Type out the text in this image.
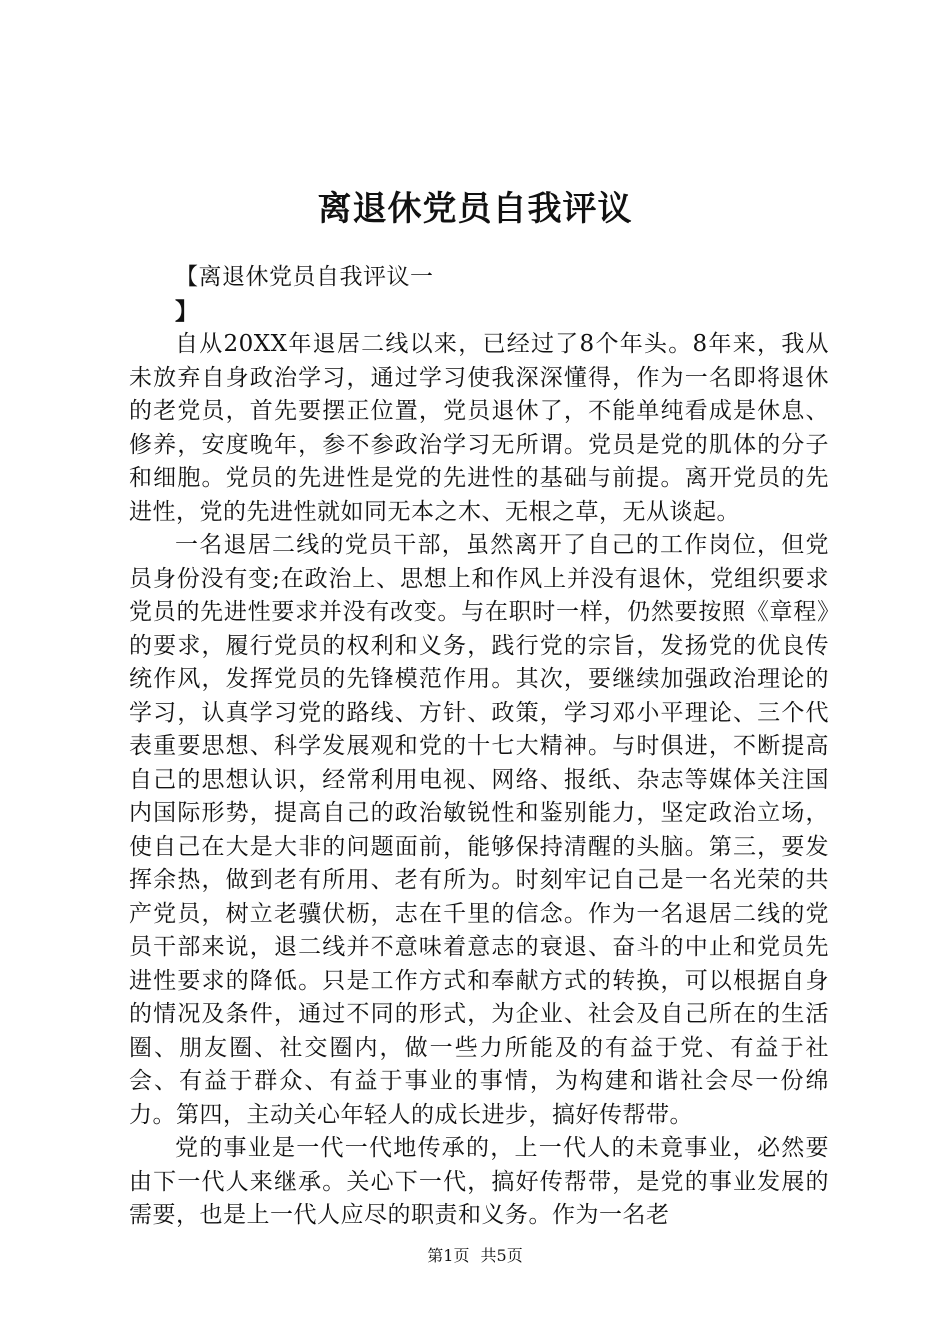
离退休党员自我评议
【离退休党员自我评议一
】

自从20XX年退居二线以来，已经过了8个年头。8年来，我从未放弃自身政治学习，通过学习使我深深懂得，作为一名即将退休的老党员，首先要摆正位置，党员退休了，不能单纯看成是休息、修养，安度晚年，参不参政治学习无所谓。党员是党的肌体的分子和细胞。党员的先进性是党的先进性的基础与前提。离开党员的先进性，党的先进性就如同无本之木、无根之草，无从谈起。

一名退居二线的党员干部，虽然离开了自己的工作岗位，但党员身份没有变;在政治上、思想上和作风上并没有退休，党组织要求党员的先进性要求并没有改变。与在职时一样，仍然要按照《章程》的要求，履行党员的权利和义务，践行党的宗旨，发扬党的优良传统作风，发挥党员的先锋模范作用。其次，要继续加强政治理论的学习，认真学习党的路线、方针、政策，学习邓小平理论、三个代表重要思想、科学发展观和党的十七大精神。与时俱进，不断提高自己的思想认识，经常利用电视、网络、报纸、杂志等媒体关注国内国际形势，提高自己的政治敏锐性和鉴别能力，坚定政治立场，使自己在大是大非的问题面前，能够保持清醒的头脑。第三，要发挥余热，做到老有所用、老有所为。时刻牢记自己是一名光荣的共产党员，树立老骥伏枥，志在千里的信念。作为一名退居二线的党员干部来说，退二线并不意味着意志的衰退、奋斗的中止和党员先进性要求的降低。只是工作方式和奉献方式的转换，可以根据自身的情况及条件，通过不同的形式，为企业、社会及自己所在的生活圈、朋友圈、社交圈内，做一些力所能及的有益于党、有益于社会、有益于群众、有益于事业的事情，为构建和谐社会尽一份绵力。第四，主动关心年轻人的成长进步，搞好传帮带。

党的事业是一代一代地传承的，上一代人的未竟事业，必然要由下一代人来继承。关心下一代，搞好传帮带，是党的事业发展的需要，也是上一代人应尽的职责和义务。作为一名老

第1页 共5页
